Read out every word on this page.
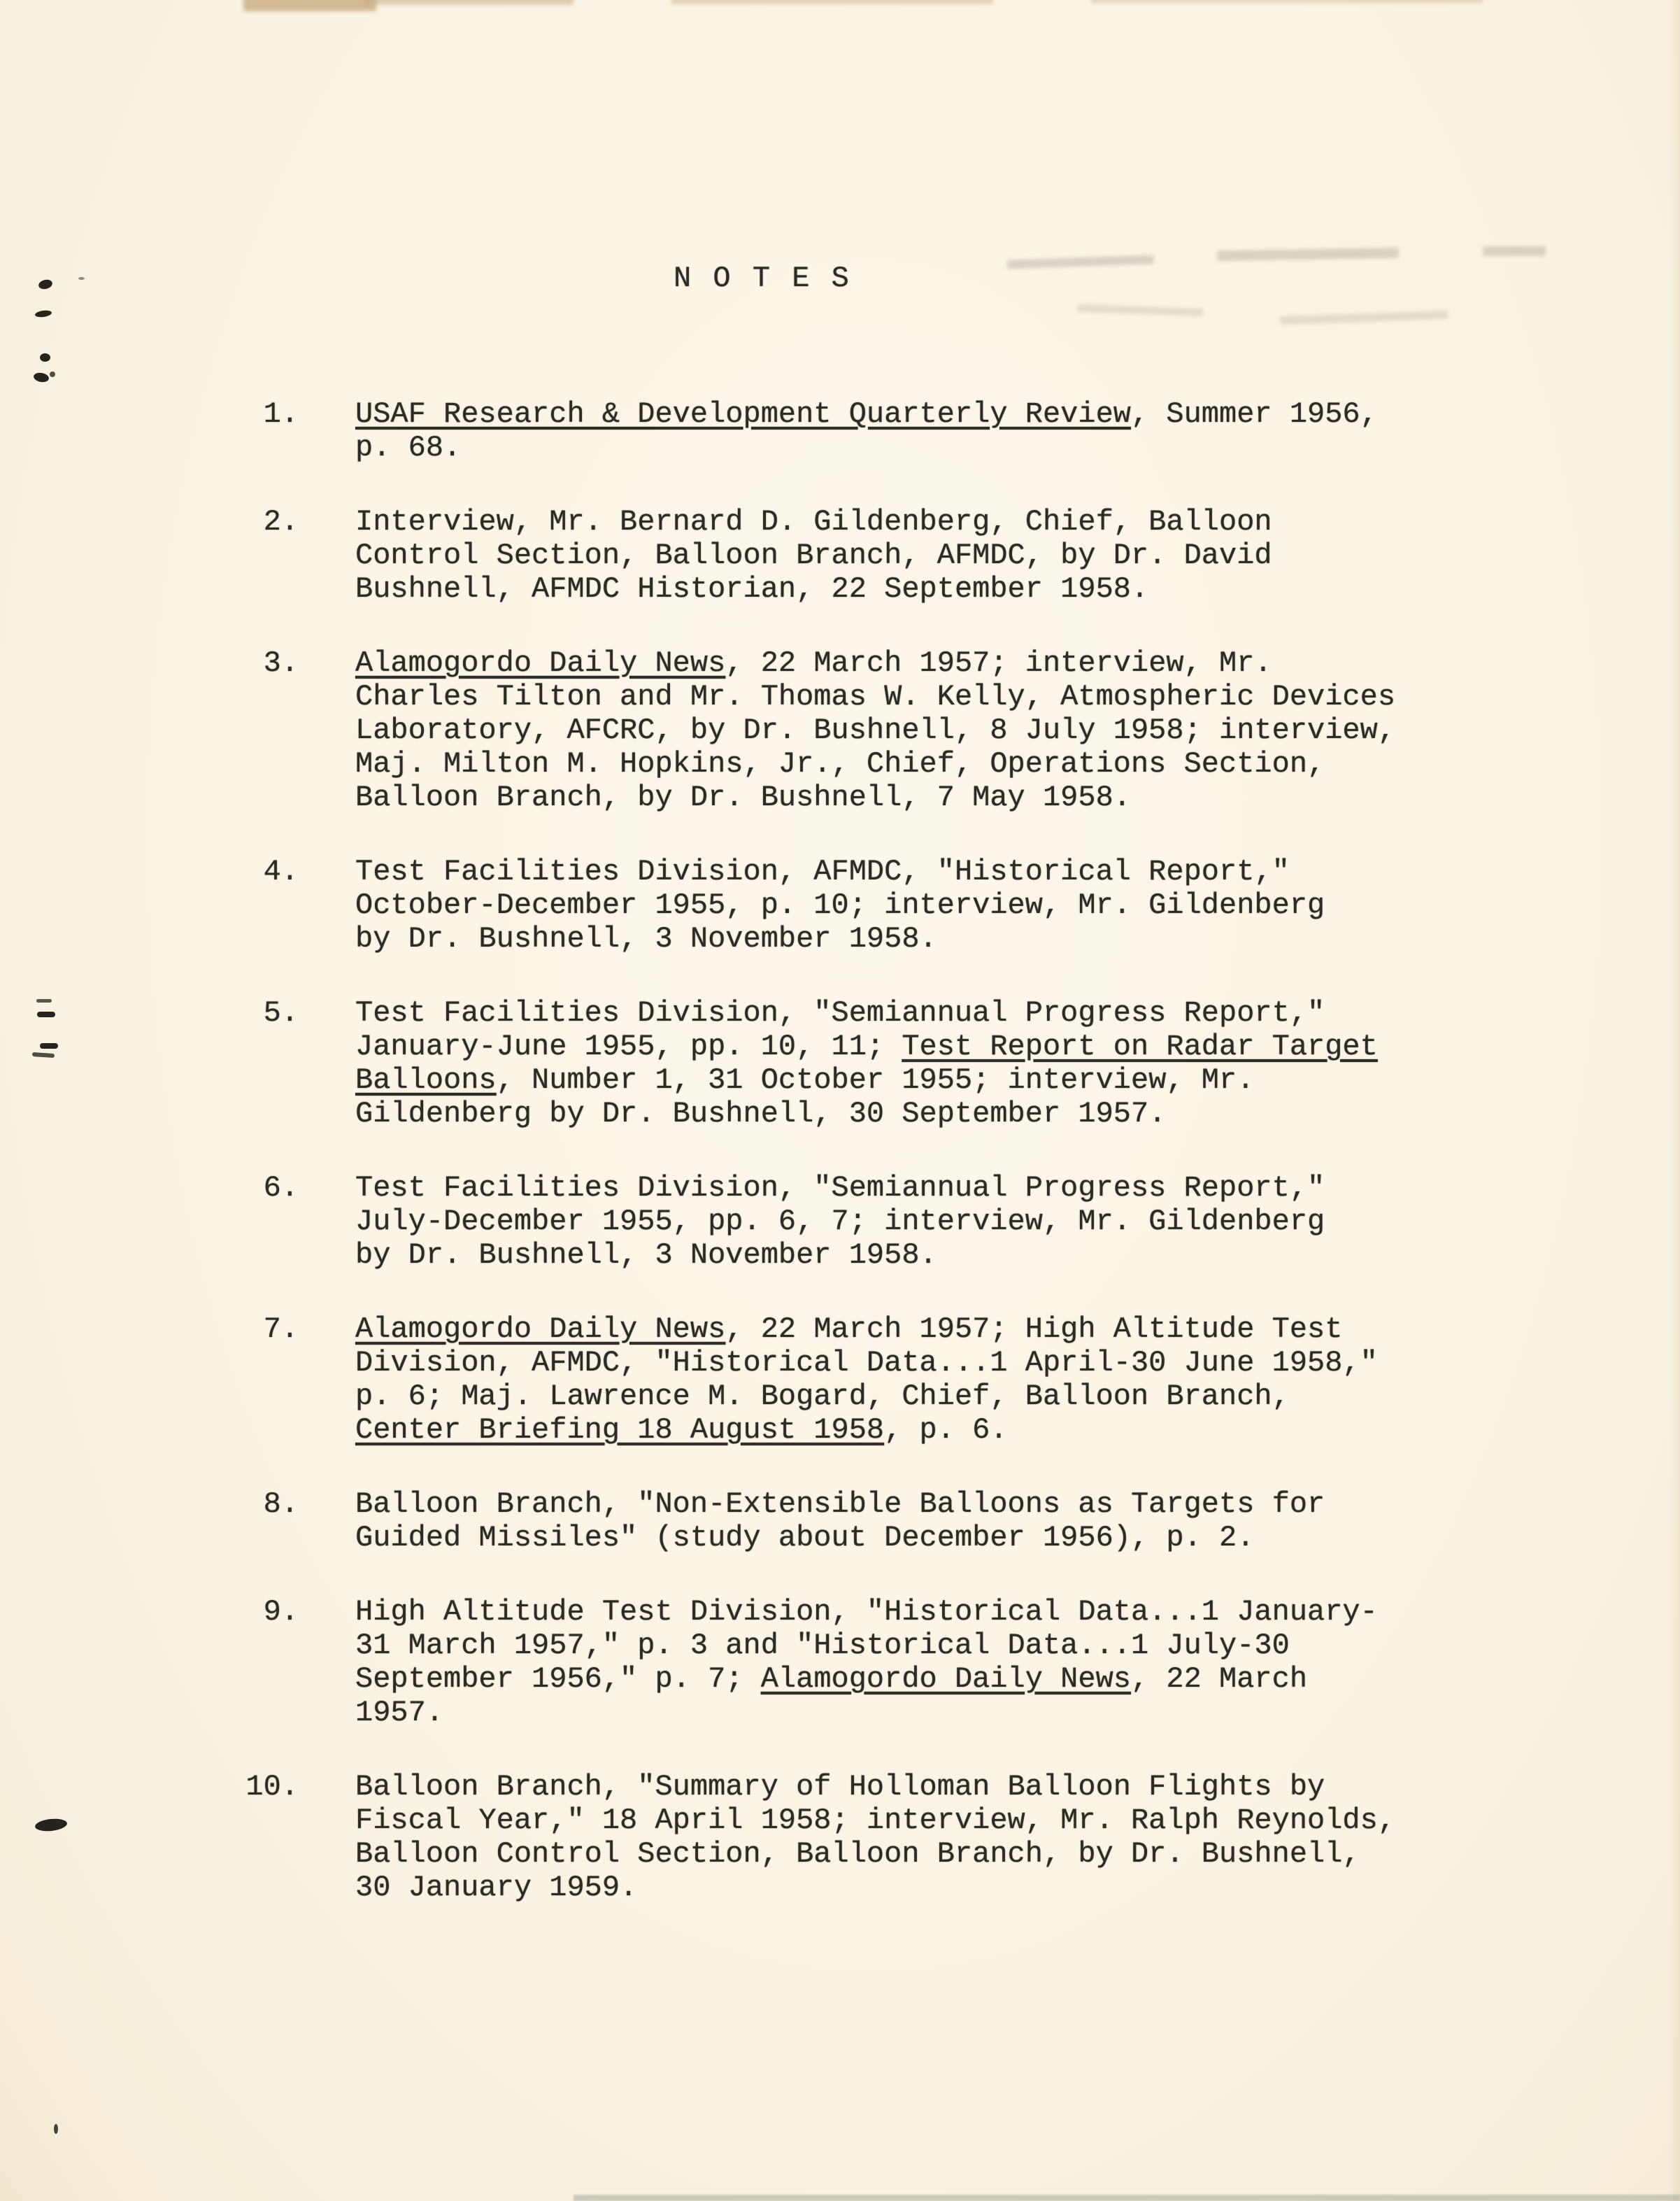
N O T E S
1. USAF Research & Development Quarterly Review, Summer 1956,
p. 68.
2. Interview, Mr. Bernard D. Gildenberg, Chief, Balloon
Control Section, Balloon Branch, AFMDC, by Dr. David
Bushnell, AFMDC Historian, 22 September 1958.
3. Alamogordo Daily News, 22 March 1957; interview, Mr.
Charles Tilton and Mr. Thomas W. Kelly, Atmospheric Devices
Laboratory, AFCRC, by Dr. Bushnell, 8 July 1958; interview,
Maj. Milton M. Hopkins, Jr., Chief, Operations Section,
Balloon Branch, by Dr. Bushnell, 7 May 1958.
4. Test Facilities Division, AFMDC, "Historical Report,"
October-December 1955, p. 10; interview, Mr. Gildenberg
by Dr. Bushnell, 3 November 1958.
5. Test Facilities Division, "Semiannual Progress Report,"
January-June 1955, pp. 10, 11; Test Report on Radar Target
Balloons, Number 1, 31 October 1955; interview, Mr.
Gildenberg by Dr. Bushnell, 30 September 1957.
6. Test Facilities Division, "Semiannual Progress Report,"
July-December 1955, pp. 6, 7; interview, Mr. Gildenberg
by Dr. Bushnell, 3 November 1958.
7. Alamogordo Daily News, 22 March 1957; High Altitude Test
Division, AFMDC, "Historical Data...1 April-30 June 1958,"
p. 6; Maj. Lawrence M. Bogard, Chief, Balloon Branch,
Center Briefing 18 August 1958, p. 6.
8. Balloon Branch, "Non-Extensible Balloons as Targets for
Guided Missiles" (study about December 1956), p. 2.
9. High Altitude Test Division, "Historical Data...1 January-
31 March 1957," p. 3 and "Historical Data...1 July-30
September 1956," p. 7; Alamogordo Daily News, 22 March
1957.
10. Balloon Branch, "Summary of Holloman Balloon Flights by
Fiscal Year," 18 April 1958; interview, Mr. Ralph Reynolds,
Balloon Control Section, Balloon Branch, by Dr. Bushnell,
30 January 1959.
